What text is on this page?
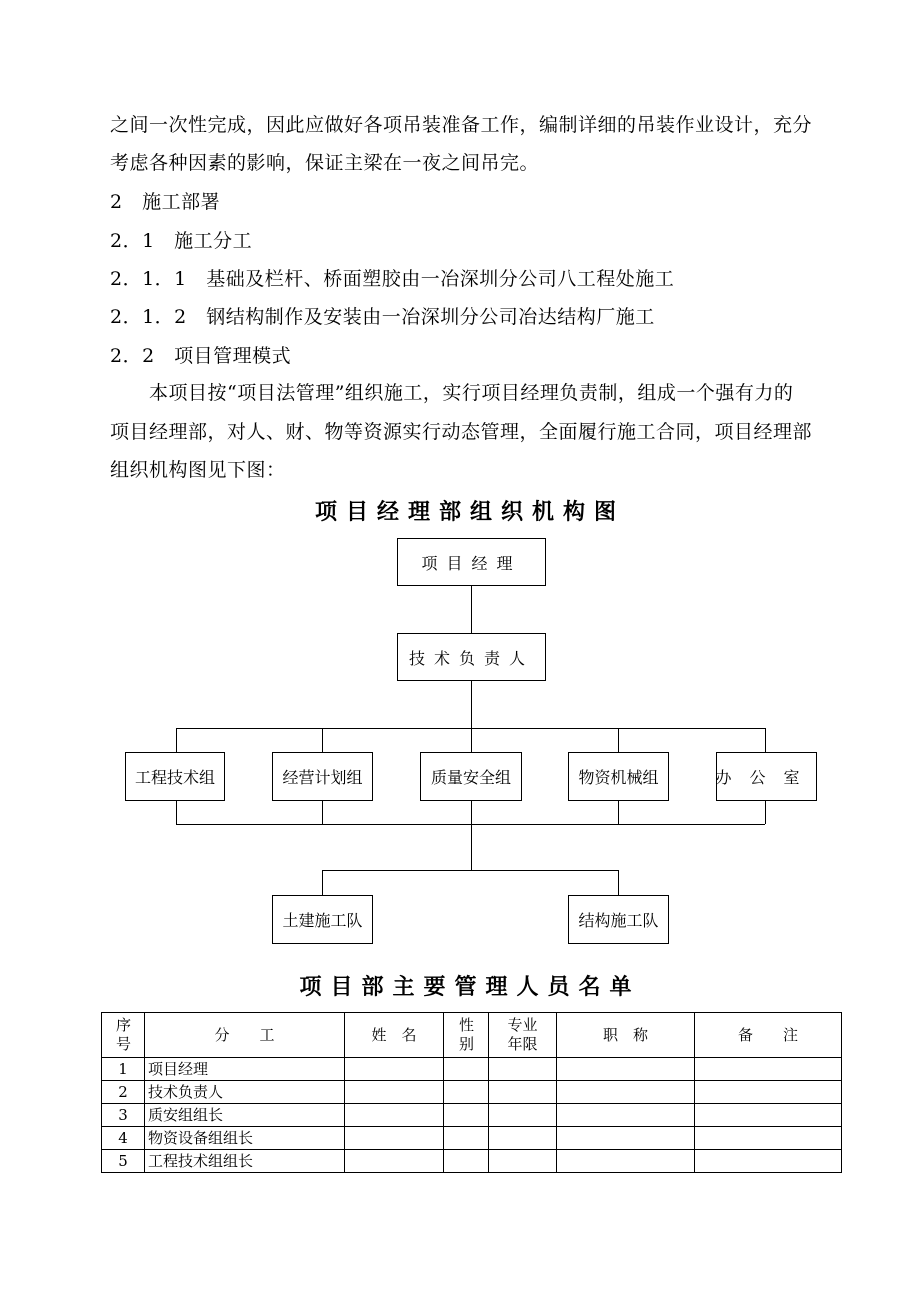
之间一次性完成，因此应做好各项吊装准备工作，编制详细的吊装作业设计，充分
考虑各种因素的影响，保证主梁在一夜之间吊完。
2　施工部署
2．1　施工分工
2．1．1　基础及栏杆、桥面塑胶由一冶深圳分公司八工程处施工
2．1．2　钢结构制作及安装由一冶深圳分公司冶达结构厂施工
2．2　项目管理模式
　　本项目按“项目法管理”组织施工，实行项目经理负责制，组成一个强有力的
项目经理部，对人、财、物等资源实行动态管理，全面履行施工合同，项目经理部
组织机构图见下图：
项目经理部组织机构图
项目经理
技术负责人
工程技术组	经营计划组	质量安全组	物资机械组	办公室
土建施工队	结构施工队
项目部主要管理人员名单
序号	分　　工	姓　名	性别	专业年限	职　称	备　　注
1	项目经理					
2	技术负责人					
3	质安组组长					
4	物资设备组组长					
5	工程技术组组长					
